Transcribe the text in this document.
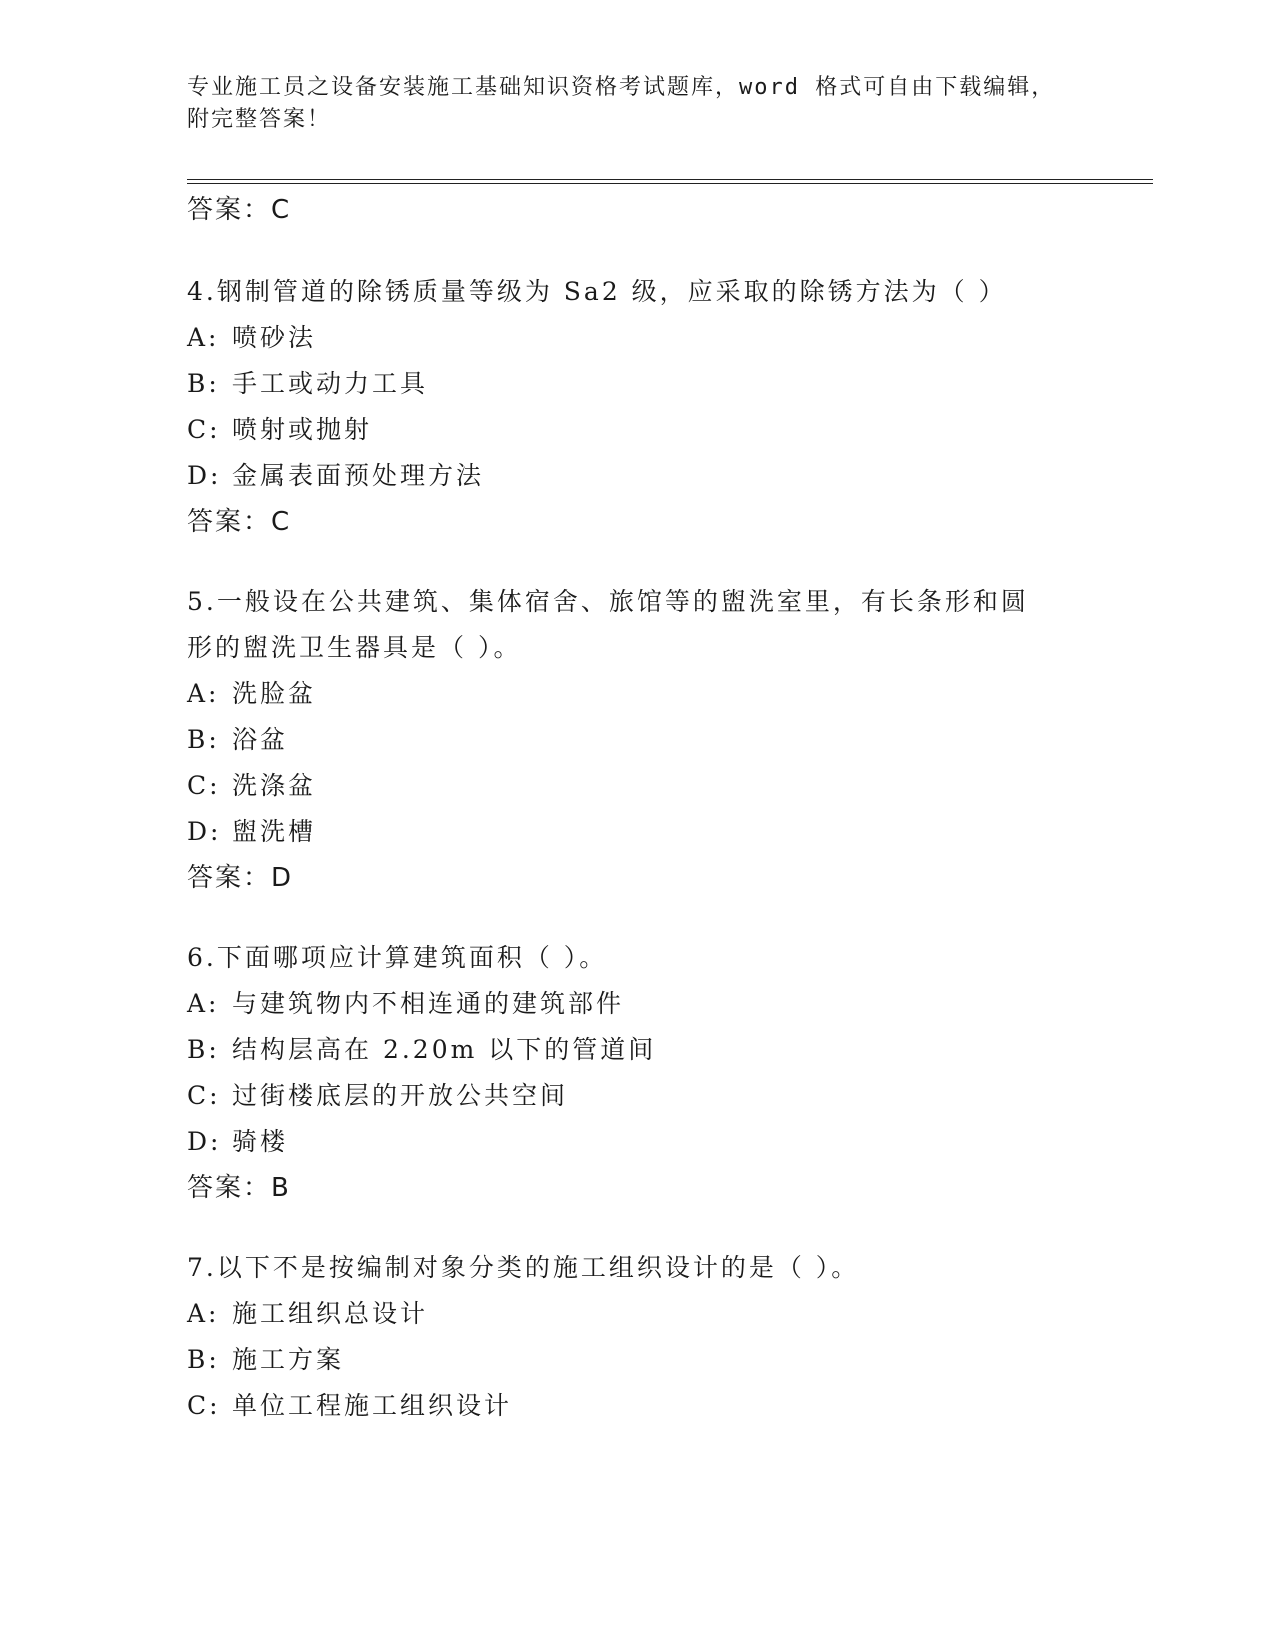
专业施工员之设备安装施工基础知识资格考试题库，word 格式可自由下载编辑，
附完整答案！
答案：C
4.钢制管道的除锈质量等级为 Sa2 级，应采取的除锈方法为（ ）
A: 喷砂法
B: 手工或动力工具
C: 喷射或抛射
D: 金属表面预处理方法
答案：C
5.一般设在公共建筑、集体宿舍、旅馆等的盥洗室里，有长条形和圆
形的盥洗卫生器具是（ ）。
A: 洗脸盆
B: 浴盆
C: 洗涤盆
D: 盥洗槽
答案：D
6.下面哪项应计算建筑面积（ ）。
A: 与建筑物内不相连通的建筑部件
B: 结构层高在 2.20m 以下的管道间
C: 过街楼底层的开放公共空间
D: 骑楼
答案：B
7.以下不是按编制对象分类的施工组织设计的是（ ）。
A: 施工组织总设计
B: 施工方案
C: 单位工程施工组织设计
